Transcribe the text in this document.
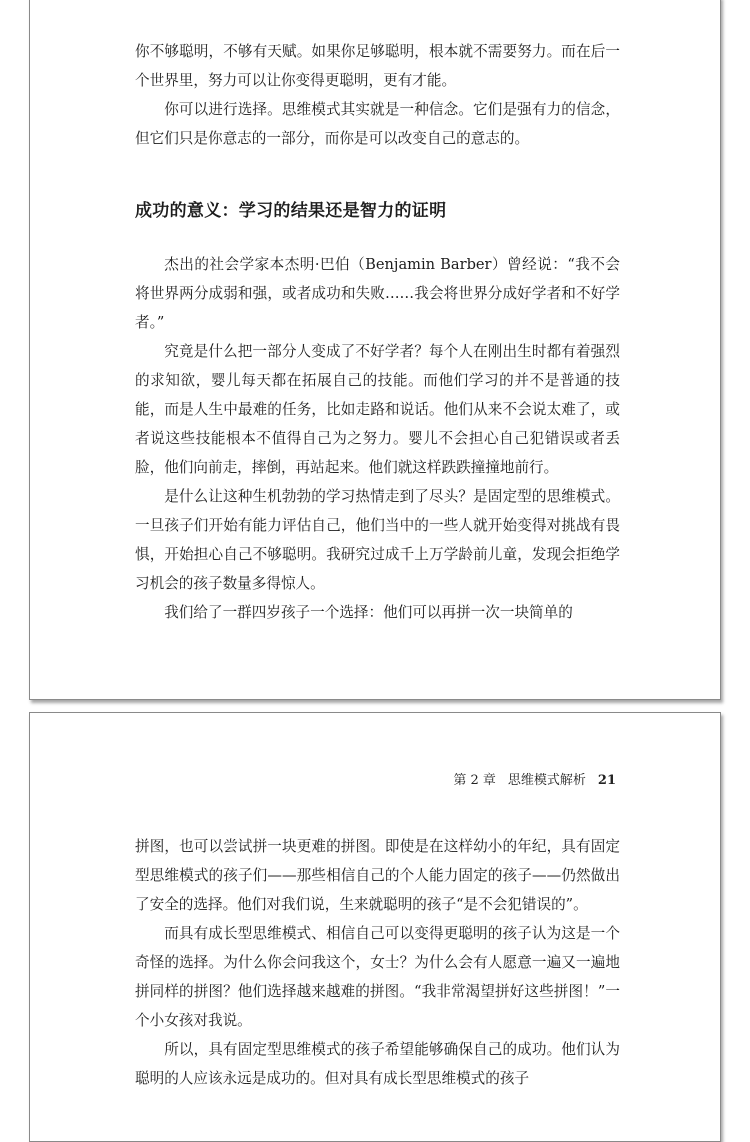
你不够聪明，不够有天赋。如果你足够聪明，根本就不需要努力。而在后一个世界里，努力可以让你变得更聪明，更有才能。

你可以进行选择。思维模式其实就是一种信念。它们是强有力的信念，但它们只是你意志的一部分，而你是可以改变自己的意志的。

成功的意义：学习的结果还是智力的证明

杰出的社会学家本杰明·巴伯（Benjamin Barber）曾经说：“我不会将世界两分成弱和强，或者成功和失败……我会将世界分成好学者和不好学者。”

究竟是什么把一部分人变成了不好学者？每个人在刚出生时都有着强烈的求知欲，婴儿每天都在拓展自己的技能。而他们学习的并不是普通的技能，而是人生中最难的任务，比如走路和说话。他们从来不会说太难了，或者说这些技能根本不值得自己为之努力。婴儿不会担心自己犯错误或者丢脸，他们向前走，摔倒，再站起来。他们就这样跌跌撞撞地前行。

是什么让这种生机勃勃的学习热情走到了尽头？是固定型的思维模式。一旦孩子们开始有能力评估自己，他们当中的一些人就开始变得对挑战有畏惧，开始担心自己不够聪明。我研究过成千上万学龄前儿童，发现会拒绝学习机会的孩子数量多得惊人。

我们给了一群四岁孩子一个选择：他们可以再拼一次一块简单的

第 2 章 思维模式解析 21

拼图，也可以尝试拼一块更难的拼图。即使是在这样幼小的年纪，具有固定型思维模式的孩子们——那些相信自己的个人能力固定的孩子——仍然做出了安全的选择。他们对我们说，生来就聪明的孩子“是不会犯错误的”。

而具有成长型思维模式、相信自己可以变得更聪明的孩子认为这是一个奇怪的选择。为什么你会问我这个，女士？为什么会有人愿意一遍又一遍地拼同样的拼图？他们选择越来越难的拼图。“我非常渴望拼好这些拼图！”一个小女孩对我说。

所以，具有固定型思维模式的孩子希望能够确保自己的成功。他们认为聪明的人应该永远是成功的。但对具有成长型思维模式的孩子
